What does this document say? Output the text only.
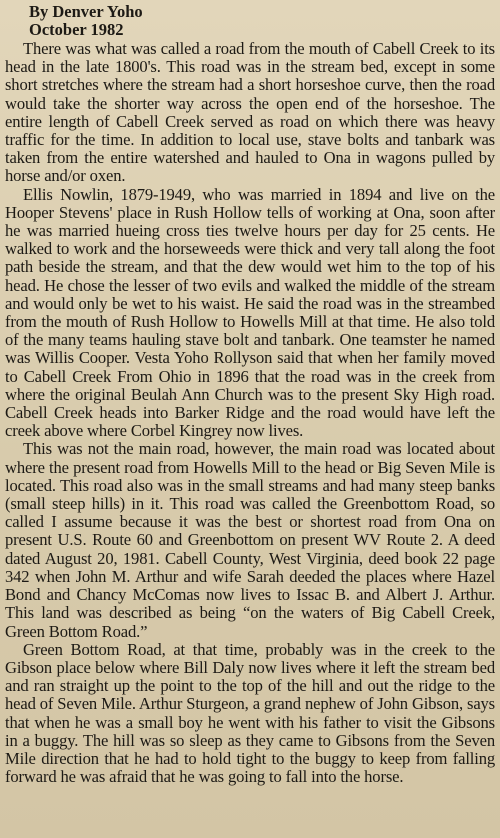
By Denver Yoho
October 1982

There was what was called a road from the mouth of Cabell Creek to its head in the late 1800's. This road was in the stream bed, except in some short stretches where the stream had a short horseshoe curve, then the road would take the shorter way across the open end of the horseshoe. The entire length of Cabell Creek served as road on which there was heavy traffic for the time. In addition to local use, stave bolts and tanbark was taken from the entire watershed and hauled to Ona in wagons pulled by horse and/or oxen.

Ellis Nowlin, 1879-1949, who was married in 1894 and live on the Hooper Stevens' place in Rush Hollow tells of working at Ona, soon after he was married hueing cross ties twelve hours per day for 25 cents. He walked to work and the horseweeds were thick and very tall along the foot path beside the stream, and that the dew would wet him to the top of his head. He chose the lesser of two evils and walked the middle of the stream and would only be wet to his waist. He said the road was in the streambed from the mouth of Rush Hollow to Howells Mill at that time. He also told of the many teams hauling stave bolt and tanbark. One teamster he named was Willis Cooper. Vesta Yoho Rollyson said that when her family moved to Cabell Creek From Ohio in 1896 that the road was in the creek from where the original Beulah Ann Church was to the present Sky High road. Cabell Creek heads into Barker Ridge and the road would have left the creek above where Corbel Kingrey now lives.

This was not the main road, however, the main road was located about where the present road from Howells Mill to the head or Big Seven Mile is located. This road also was in the small streams and had many steep banks (small steep hills) in it. This road was called the Greenbottom Road, so called I assume because it was the best or shortest road from Ona on present U.S. Route 60 and Greenbottom on present WV Route 2. A deed dated August 20, 1981. Cabell County, West Virginia, deed book 22 page 342 when John M. Arthur and wife Sarah deeded the places where Hazel Bond and Chancy McComas now lives to Issac B. and Albert J. Arthur. This land was described as being “on the waters of Big Cabell Creek, Green Bottom Road.”

Green Bottom Road, at that time, probably was in the creek to the Gibson place below where Bill Daly now lives where it left the stream bed and ran straight up the point to the top of the hill and out the ridge to the head of Seven Mile. Arthur Sturgeon, a grand nephew of John Gibson, says that when he was a small boy he went with his father to visit the Gibsons in a buggy. The hill was so sleep as they came to Gibsons from the Seven Mile direction that he had to hold tight to the buggy to keep from falling forward he was afraid that he was going to fall into the horse.
